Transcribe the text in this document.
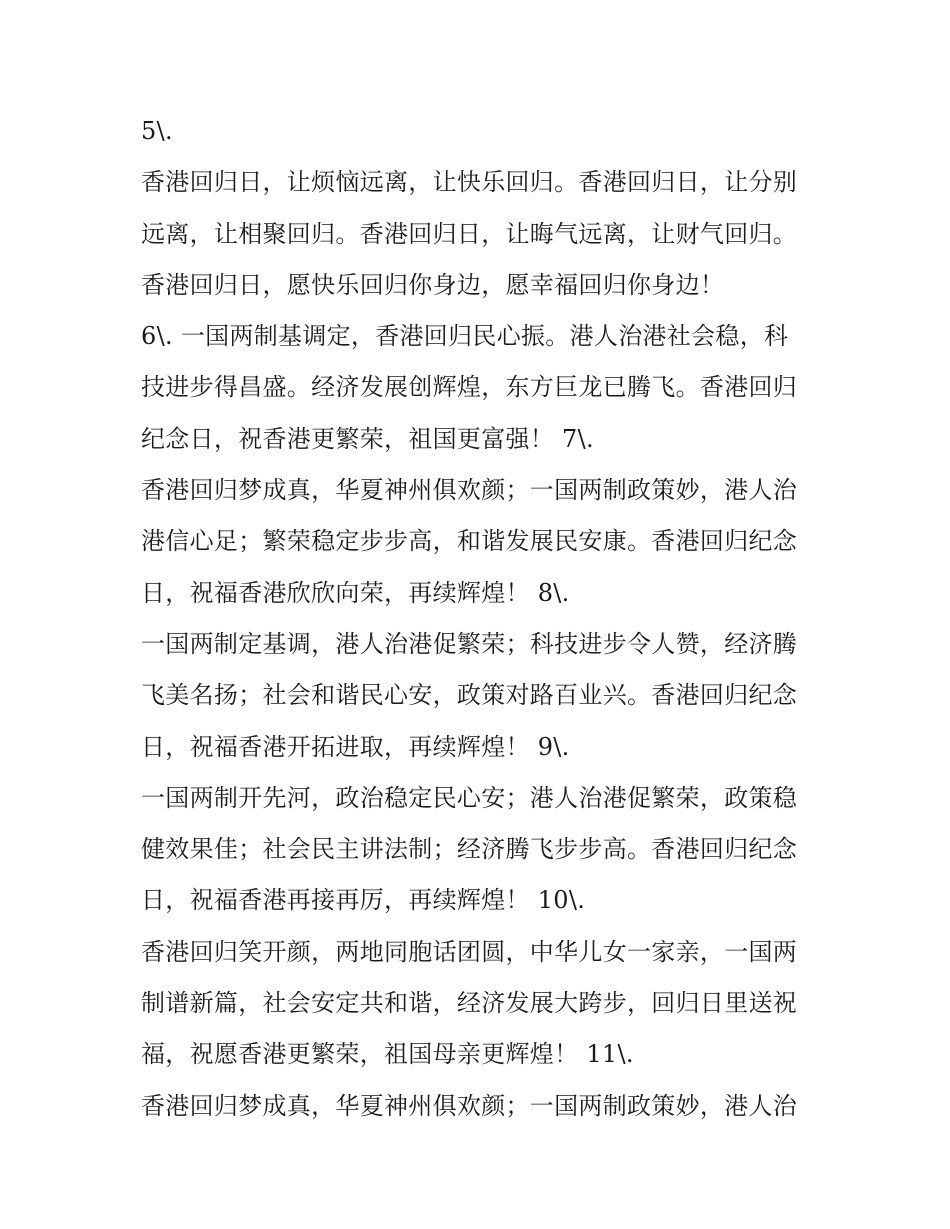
5\.
香港回归日，让烦恼远离，让快乐回归。香港回归日，让分别
远离，让相聚回归。香港回归日，让晦气远离，让财气回归。
香港回归日，愿快乐回归你身边，愿幸福回归你身边！
6\. 一国两制基调定，香港回归民心振。港人治港社会稳，科
技进步得昌盛。经济发展创辉煌，东方巨龙已腾飞。香港回归
纪念日，祝香港更繁荣，祖国更富强！ 7\.
香港回归梦成真，华夏神州俱欢颜；一国两制政策妙，港人治
港信心足；繁荣稳定步步高，和谐发展民安康。香港回归纪念
日，祝福香港欣欣向荣，再续辉煌！ 8\.
一国两制定基调，港人治港促繁荣；科技进步令人赞，经济腾
飞美名扬；社会和谐民心安，政策对路百业兴。香港回归纪念
日，祝福香港开拓进取，再续辉煌！ 9\.
一国两制开先河，政治稳定民心安；港人治港促繁荣，政策稳
健效果佳；社会民主讲法制；经济腾飞步步高。香港回归纪念
日，祝福香港再接再厉，再续辉煌！ 10\.
香港回归笑开颜，两地同胞话团圆，中华儿女一家亲，一国两
制谱新篇，社会安定共和谐，经济发展大跨步，回归日里送祝
福，祝愿香港更繁荣，祖国母亲更辉煌！ 11\.
香港回归梦成真，华夏神州俱欢颜；一国两制政策妙，港人治
